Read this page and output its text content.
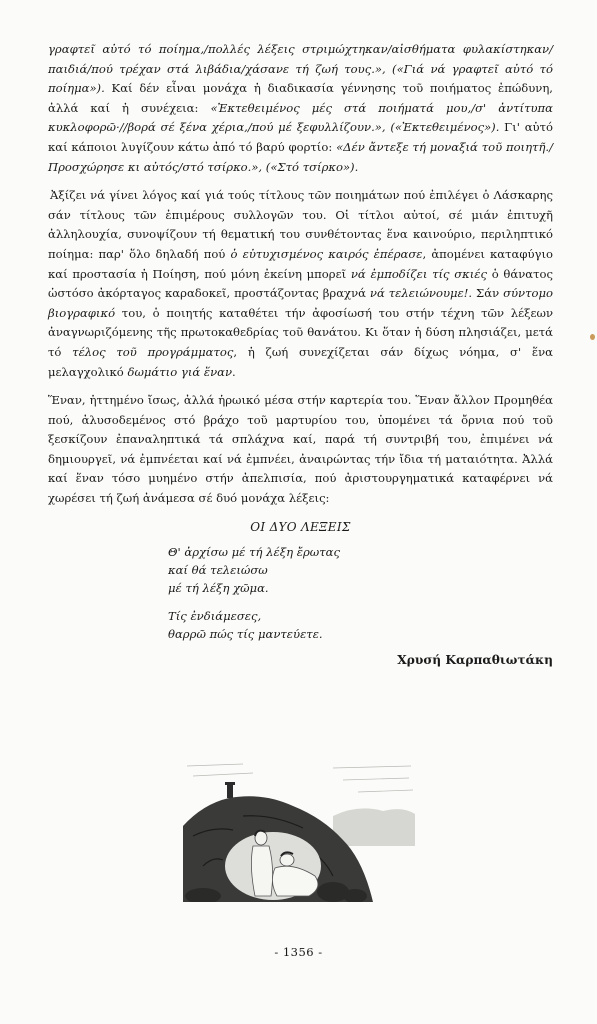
γραφτεῖ αὐτό τό ποίημα,/πολλές λέξεις στριμώχτηκαν/αἰσθήματα φυλακίστηκαν/παιδιά/πού τρέχαν στά λιβάδια/χάσανε τή ζωή τους.», («Γιά νά γραφτεῖ αὐτό τό ποίημα»). Καί δέν εἶναι μονάχα ἡ διαδικασία γέννησης τοῦ ποιήματος ἐπώδυνη, ἀλλά καί ἡ συνέχεια: «Ἐκτεθειμένος μές στά ποιήματά μου,/σ' ἀντίτυπα κυκλοφορῶ·//βορά σέ ξένα χέρια,/πού μέ ξεφυλλίζουν.», («Ἐκτεθειμένος»). Γι' αὐτό καί κάποιοι λυγίζουν κάτω ἀπό τό βαρύ φορτίο: «Δέν ἄντεξε τή μοναξιά τοῦ ποιητῆ./Προσχώρησε κι αὐτός/στό τσίρκο.», («Στό τσίρκο»).

Ἀξίζει νά γίνει λόγος καί γιά τούς τίτλους τῶν ποιημάτων πού ἐπιλέγει ὁ Λάσκαρης σάν τίτλους τῶν ἐπιμέρους συλλογῶν του. Οἱ τίτλοι αὐτοί, σέ μιάν ἐπιτυχῆ ἀλληλουχία, συνοψίζουν τή θεματική του συνθέτοντας ἕνα καινούριο, περιληπτικό ποίημα: παρ' ὅλο δηλαδή πού ὁ εὐτυχισμένος καιρός ἐπέρασε, ἀπομένει καταφύγιο καί προστασία ἡ Ποίηση, πού μόνη ἐκείνη μπορεῖ νά ἐμποδίζει τίς σκιές ὁ θάνατος ὡστόσο ἀκόρταγος καραδοκεῖ, προστάζοντας βραχνά νά τελειώνουμε!. Σάν σύντομο βιογραφικό του, ὁ ποιητής καταθέτει τήν ἀφοσίωσή του στήν τέχνη τῶν λέξεων ἀναγνωριζόμενης τῆς πρωτοκαθεδρίας τοῦ θανάτου. Κι ὅταν ἡ δύση πλησιάζει, μετά τό τέλος τοῦ προγράμματος, ἡ ζωή συνεχίζεται σάν δίχως νόημα, σ' ἕνα μελαγχολικό δωμάτιο γιά ἕναν.

Ἕναν, ἡττημένο ἴσως, ἀλλά ἡρωικό μέσα στήν καρτερία του. Ἕναν ἄλλον Προμηθέα πού, ἁλυσοδεμένος στό βράχο τοῦ μαρτυρίου του, ὑπομένει τά ὄρνια πού τοῦ ξεσκίζουν ἐπαναληπτικά τά σπλάχνα καί, παρά τή συντριβή του, ἐπιμένει νά δημιουργεῖ, νά ἐμπνέεται καί νά ἐμπνέει, ἀναιρώντας τήν ἴδια τή ματαιότητα. Ἀλλά καί ἕναν τόσο μυημένο στήν ἀπελπισία, πού ἀριστουργηματικά καταφέρνει νά χωρέσει τή ζωή ἀνάμεσα σέ δυό μονάχα λέξεις:

ΟΙ ΔΥΟ ΛΕΞΕΙΣ
Θ' ἀρχίσω μέ τή λέξη ἔρωτας
καί θά τελειώσω
μέ τή λέξη χῶμα.
Τίς ἐνδιάμεσες,
θαρρῶ πώς τίς μαντεύετε.
Χρυσή Καρπαθιωτάκη
- 1356 -
